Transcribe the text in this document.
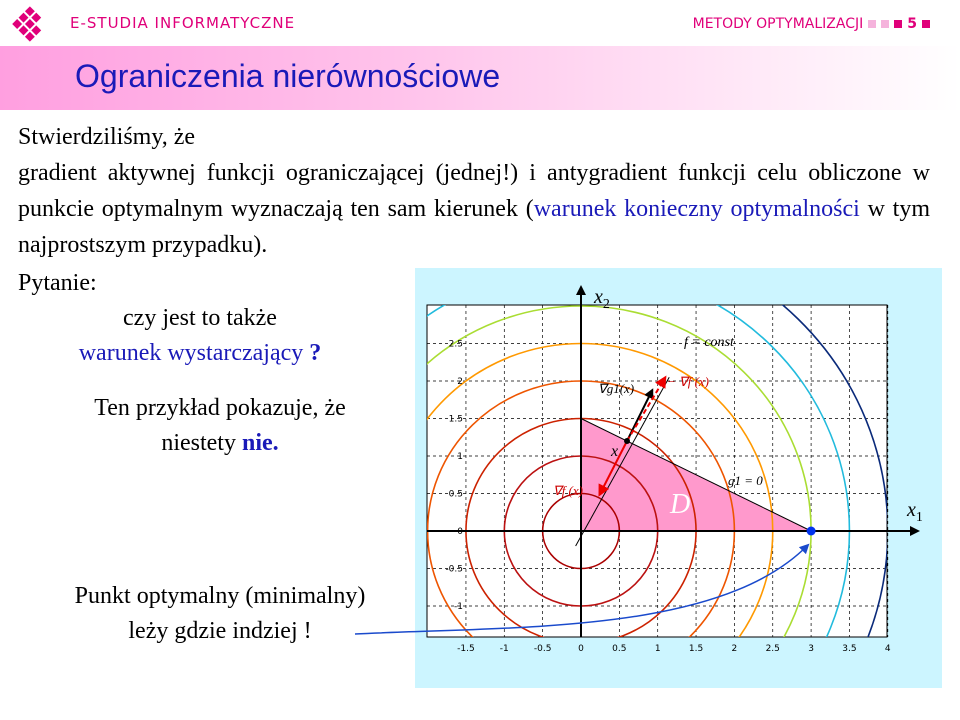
E-STUDIA INFORMATYCZNE	METODY OPTYMALIZACJI	5
Ograniczenia nierównościowe
Stwierdziliśmy, że
gradient aktywnej funkcji ograniczającej (jednej!) i antygradient funkcji celu obliczone w punkcie optymalnym wyznaczają ten sam kierunek (warunek konieczny optymalności w tym najprostszym przypadku).
Pytanie:
czy jest to także
warunek wystarczający ?
Ten przykład pokazuje, że
niestety nie.
Punkt optymalny (minimalny)
leży gdzie indziej !
-1.5	-1	-0.5	0	0.5	1	1.5	2	2.5	3	3.5	4
2.5
2
1.5
1
0.5
0
-0.5
-1
$x_2$
$x_1$
f = const
∇g1(x)	− ∇f (x)
∇f (x)
x
g1 = 0
D
